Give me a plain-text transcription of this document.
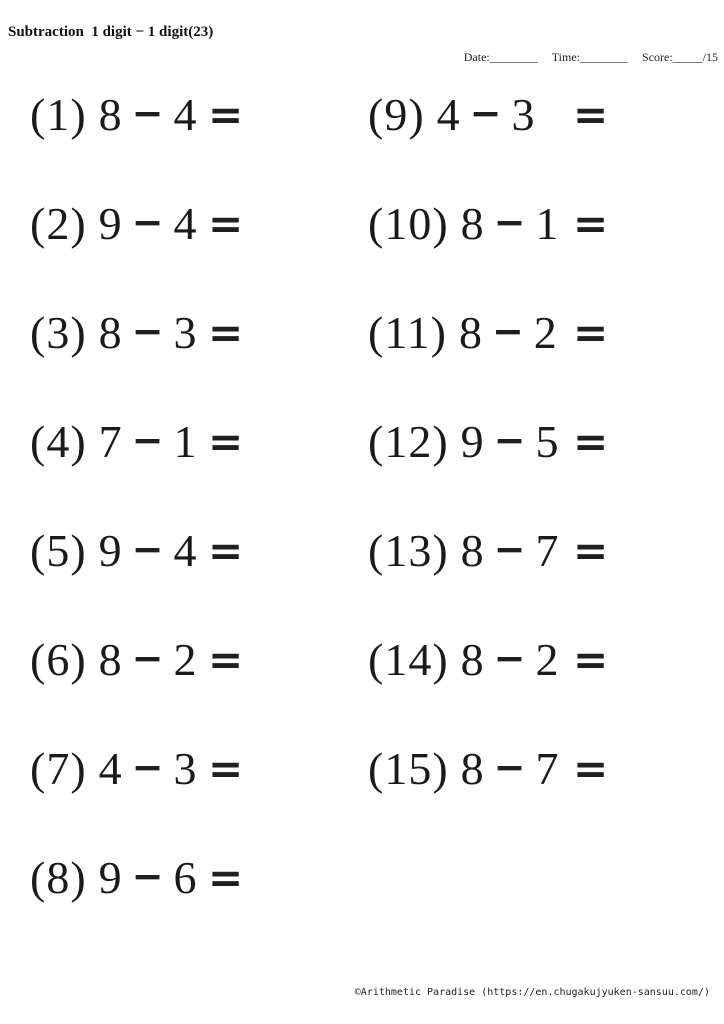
Subtraction  1 digit − 1 digit(23)
Date:________ Time:________ Score:_____/15
(1) 8 − 4 =
(2) 9 − 4 =
(3) 8 − 3 =
(4) 7 − 1 =
(5) 9 − 4 =
(6) 8 − 2 =
(7) 4 − 3 =
(8) 9 − 6 =
(9) 4 − 3 =
(10) 8 − 1 =
(11) 8 − 2 =
(12) 9 − 5 =
(13) 8 − 7 =
(14) 8 − 2 =
(15) 8 − 7 =
©Arithmetic Paradise (https://en.chugakujyuken-sansuu.com/)
